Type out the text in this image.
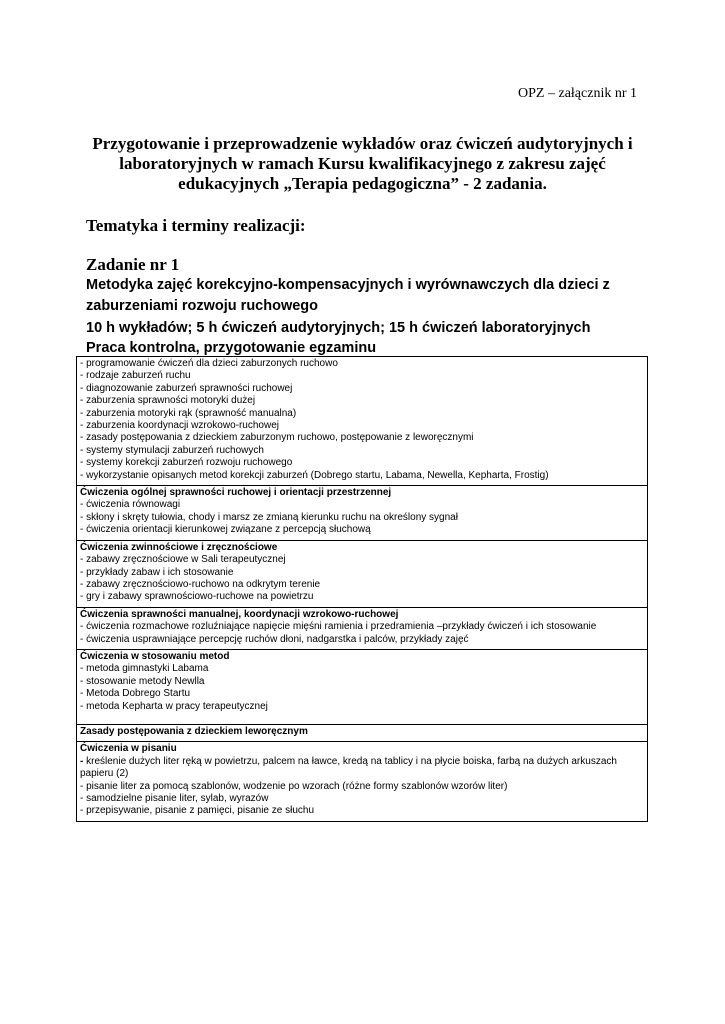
OPZ – załącznik nr 1
Przygotowanie i przeprowadzenie wykładów oraz ćwiczeń audytoryjnych i
laboratoryjnych w ramach Kursu kwalifikacyjnego z zakresu zajęć
edukacyjnych „Terapia pedagogiczna” - 2 zadania.
Tematyka i terminy realizacji:
Zadanie nr 1
Metodyka zajęć korekcyjno-kompensacyjnych i wyrównawczych dla dzieci z
zaburzeniami rozwoju ruchowego
10 h wykładów; 5 h ćwiczeń audytoryjnych; 15 h ćwiczeń laboratoryjnych
Praca kontrolna, przygotowanie egzaminu
- programowanie ćwiczeń dla dzieci zaburzonych ruchowo
- rodzaje zaburzeń ruchu
- diagnozowanie zaburzeń sprawności ruchowej
- zaburzenia sprawności motoryki dużej
- zaburzenia motoryki rąk (sprawność manualna)
- zaburzenia koordynacji wzrokowo-ruchowej
- zasady postępowania z dzieckiem zaburzonym ruchowo, postępowanie z leworęcznymi
- systemy stymulacji zaburzeń ruchowych
- systemy korekcji zaburzeń rozwoju ruchowego
- wykorzystanie opisanych metod korekcji zaburzeń (Dobrego startu, Labama, Newella, Kepharta, Frostig)

Ćwiczenia ogólnej sprawności ruchowej i orientacji przestrzennej
- ćwiczenia równowagi
- skłony i skręty tułowia, chody i marsz ze zmianą kierunku ruchu na określony sygnał
- ćwiczenia orientacji kierunkowej związane z percepcją słuchową

Ćwiczenia zwinnościowe i zręcznościowe
- zabawy zręcznościowe w Sali terapeutycznej
- przykłady zabaw i ich stosowanie
- zabawy zręcznościowo-ruchowo na odkrytym terenie
- gry i zabawy sprawnościowo-ruchowe na powietrzu

Ćwiczenia sprawności manualnej, koordynacji wzrokowo-ruchowej
- ćwiczenia rozmachowe rozluźniające napięcie mięśni ramienia i przedramienia –przykłady ćwiczeń i ich stosowanie
- ćwiczenia usprawniające percepcję ruchów dłoni, nadgarstka i palców, przykłady zajęć

Ćwiczenia w stosowaniu metod
- metoda gimnastyki Labama
- stosowanie metody Newlla
- Metoda Dobrego Startu
- metoda Kepharta w pracy terapeutycznej

Zasady postępowania z dzieckiem leworęcznym

Ćwiczenia w pisaniu
- kreślenie dużych liter ręką w powietrzu, palcem na ławce, kredą na tablicy i na płycie boiska, farbą na dużych arkuszach
papieru (2)
- pisanie liter za pomocą szablonów, wodzenie po wzorach (różne formy szablonów wzorów liter)
- samodzielne pisanie liter, sylab, wyrazów
- przepisywanie, pisanie z pamięci, pisanie ze słuchu
